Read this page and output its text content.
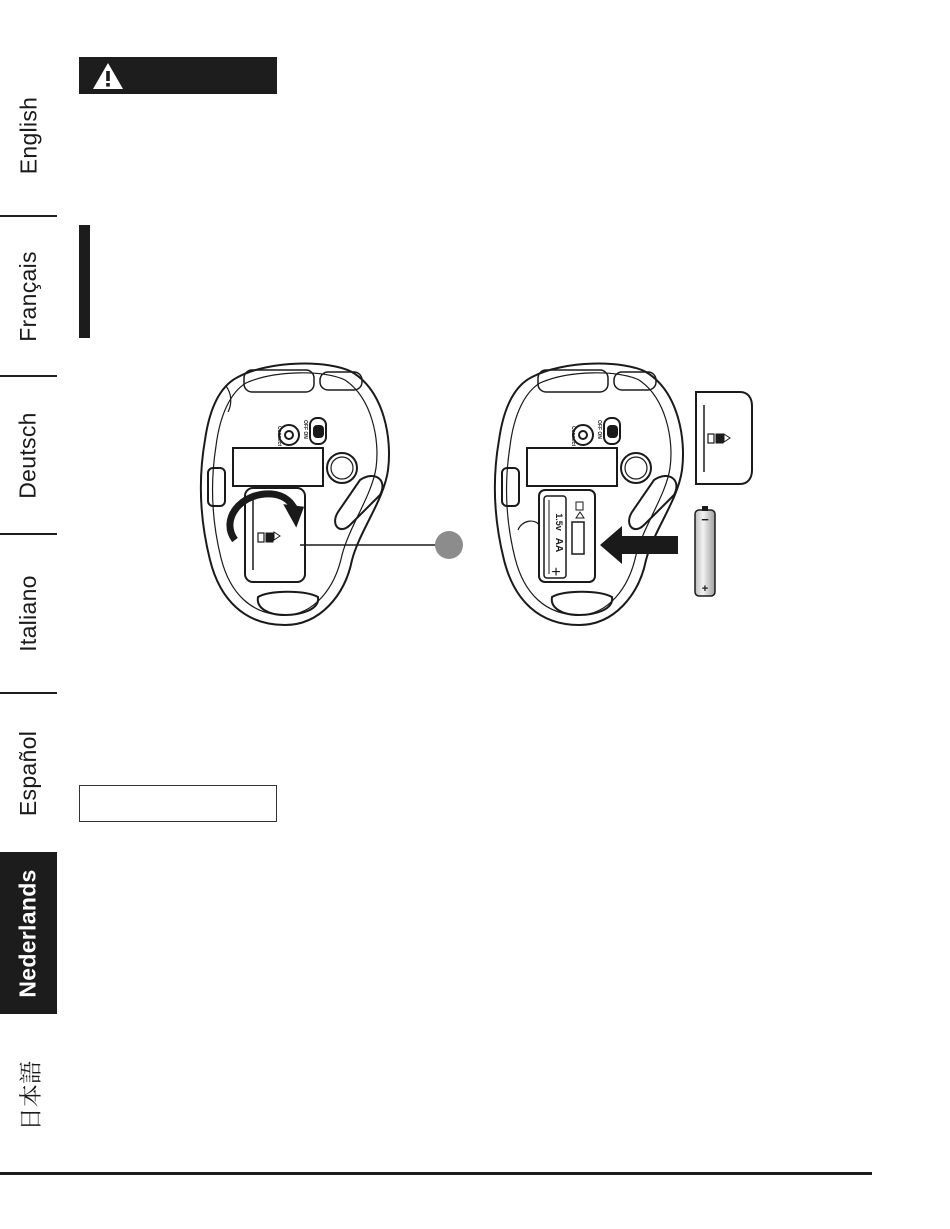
English
Français
Deutsch
Italiano
Español
Nederlands
日本語
1.5v
AA
+
OFF ON
Connect	OFF ON
Connect
−
+
